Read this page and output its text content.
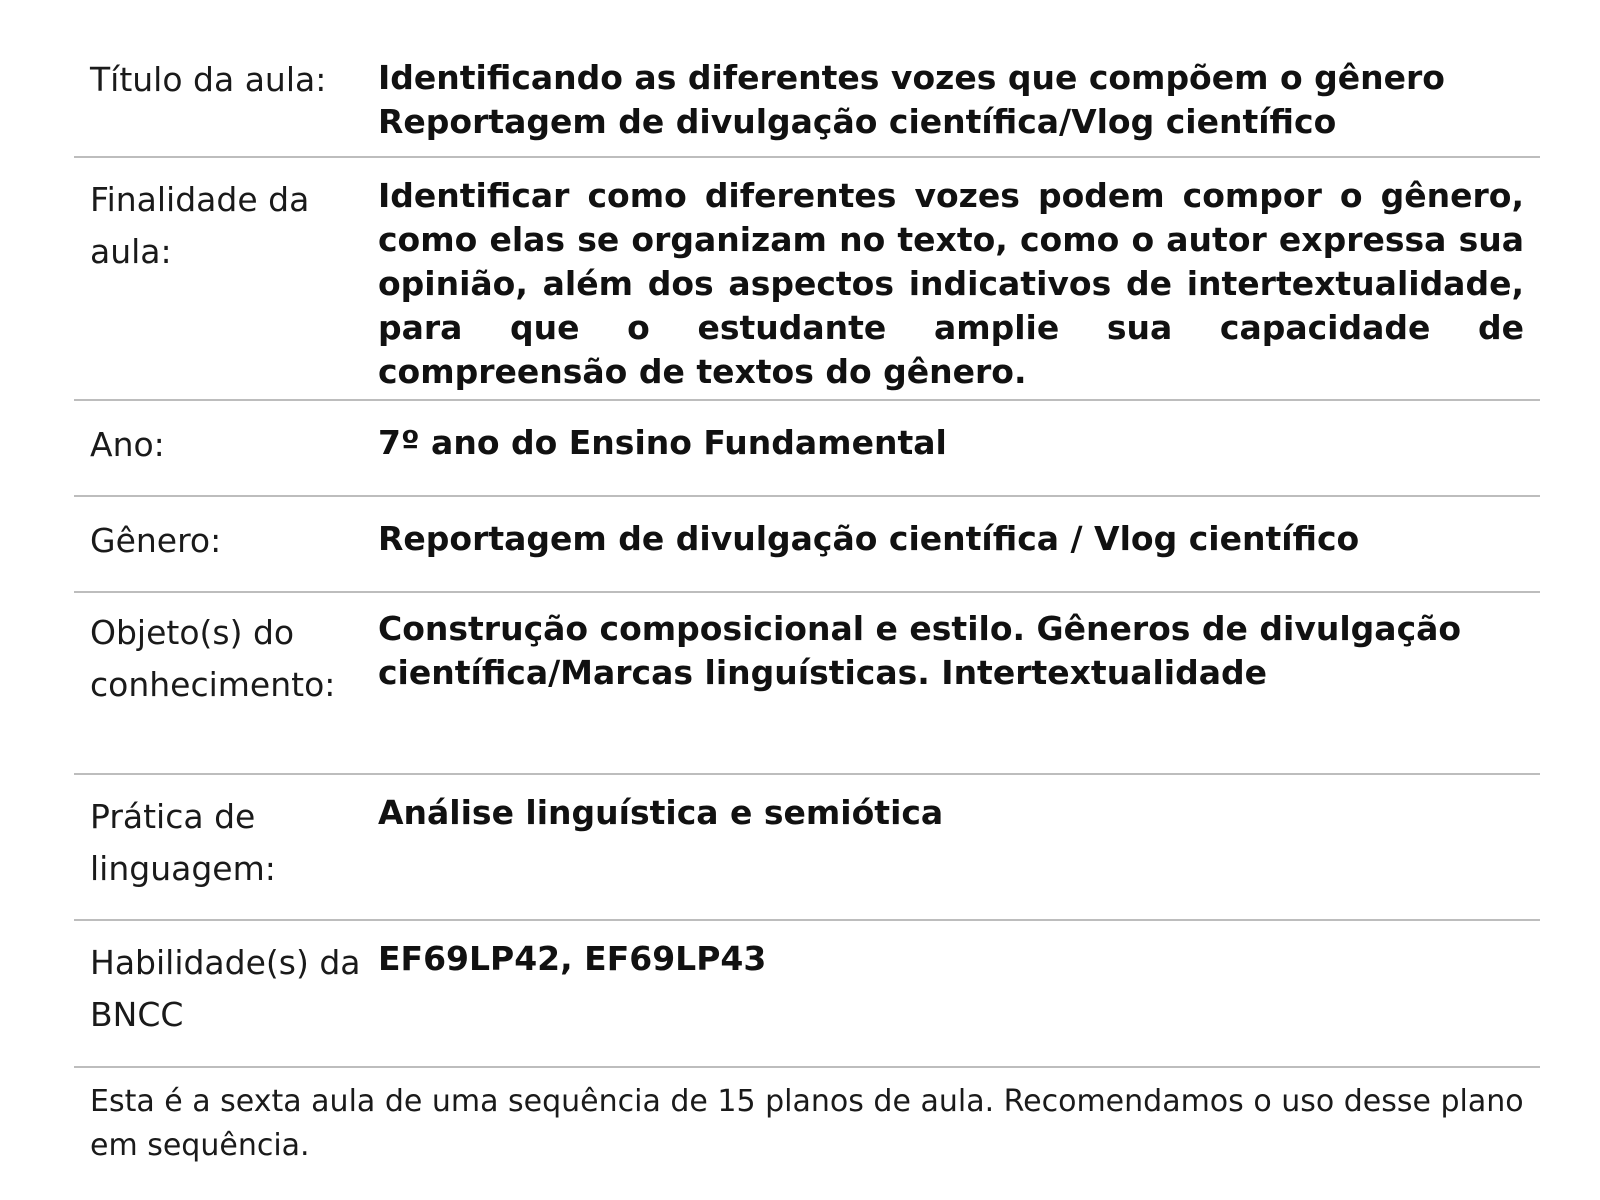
Título da aula:	Identificando as diferentes vozes que compõem o gênero Reportagem de divulgação científica/Vlog científico
Finalidade da aula:
Identificar como diferentes vozes podem compor o gênero, como elas se organizam no texto, como o autor expressa sua opinião, além dos aspectos indicativos de intertextualidade, para que o estudante amplie sua capacidade de compreensão de textos do gênero.
Ano:	7º ano do Ensino Fundamental
Gênero:	Reportagem de divulgação científica / Vlog científico
Objeto(s) do conhecimento:
Construção composicional e estilo. Gêneros de divulgação científica/Marcas linguísticas. Intertextualidade
Prática de linguagem:
Análise linguística e semiótica
Habilidade(s) da BNCC
EF69LP42, EF69LP43
Esta é a sexta aula de uma sequência de 15 planos de aula. Recomendamos o uso desse plano em sequência.
